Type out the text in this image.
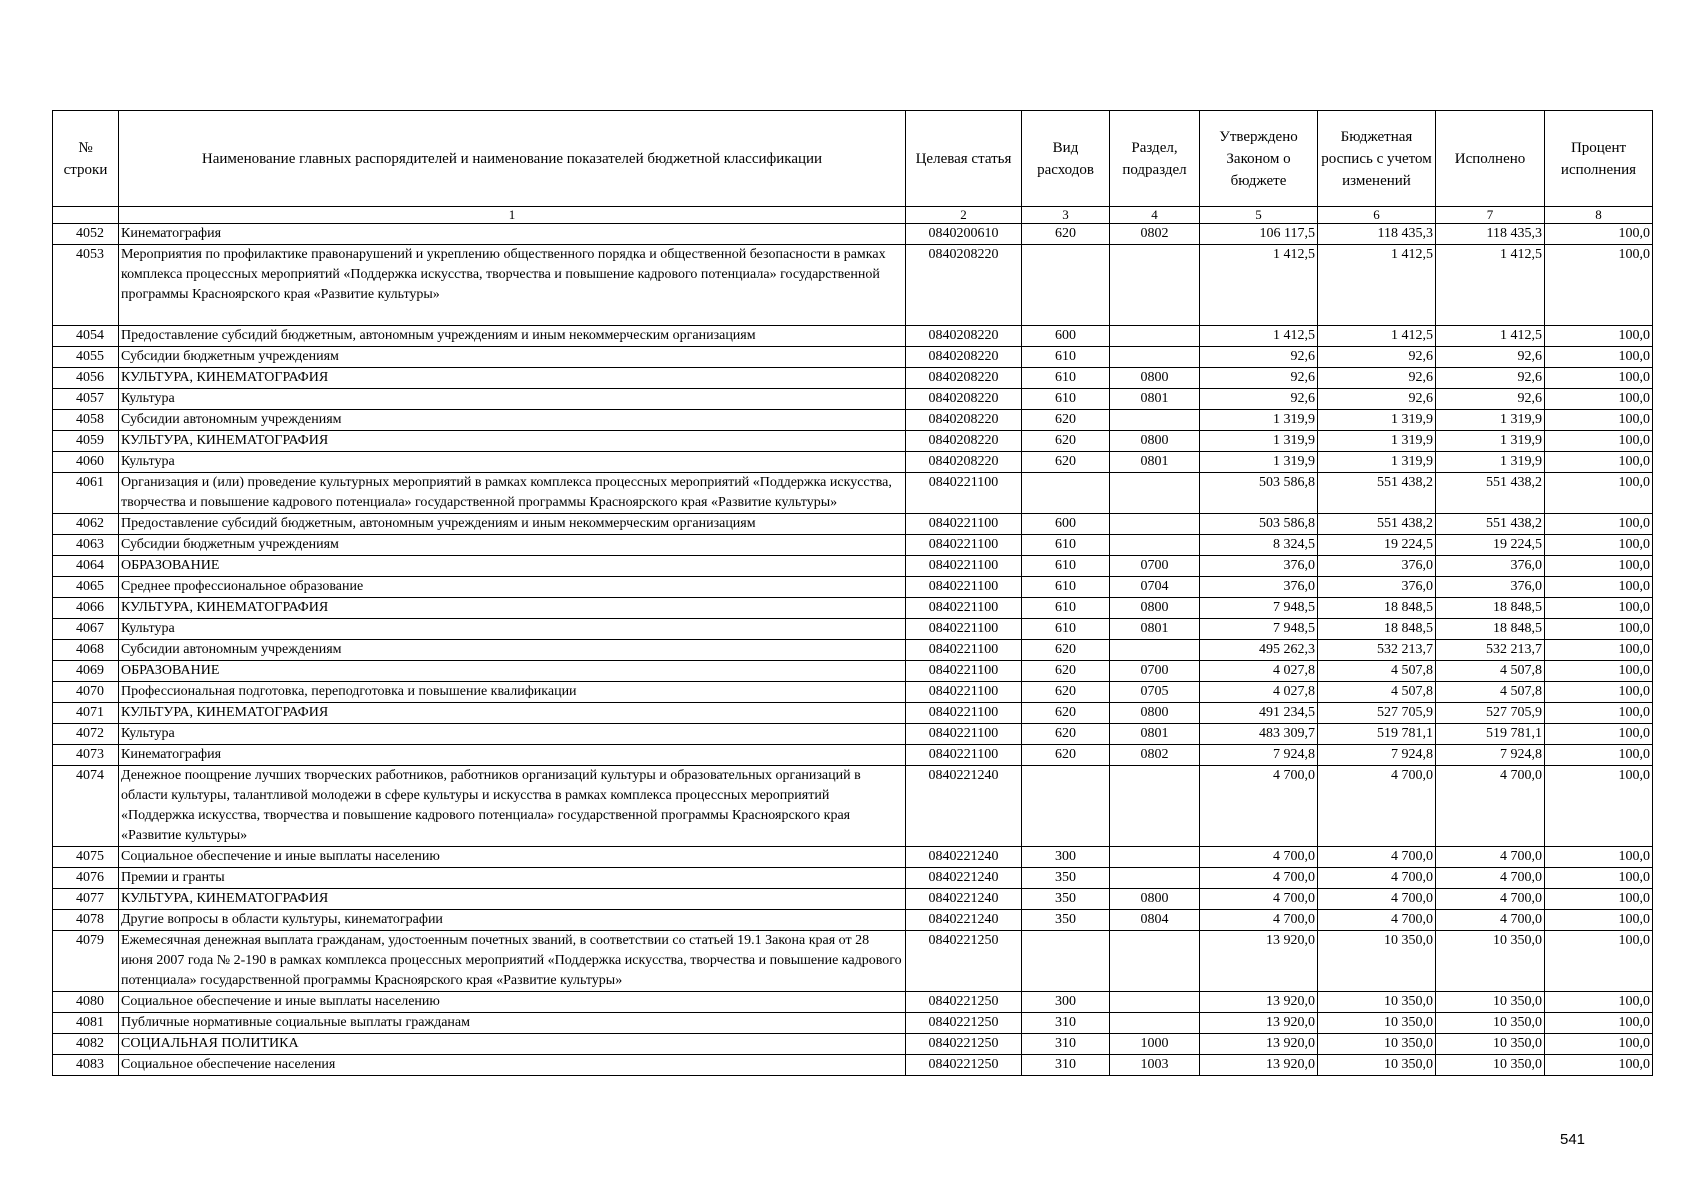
№ строки	Наименование главных распорядителей и наименование показателей бюджетной классификации	Целевая статья	Вид расходов	Раздел, подраздел	Утверждено Законом о бюджете	Бюджетная роспись с учетом изменений	Исполнено	Процент исполнения
	1	2	3	4	5	6	7	8
4052	Кинематография	0840200610	620	0802	106 117,5	118 435,3	118 435,3	100,0
4053	Мероприятия по профилактике правонарушений и укреплению общественного порядка и общественной безопасности в рамках комплекса процессных мероприятий «Поддержка искусства, творчества и повышение кадрового потенциала» государственной программы Красноярского края «Развитие культуры»	0840208220			1 412,5	1 412,5	1 412,5	100,0
4054	Предоставление субсидий бюджетным, автономным учреждениям и иным некоммерческим организациям	0840208220	600		1 412,5	1 412,5	1 412,5	100,0
4055	Субсидии бюджетным учреждениям	0840208220	610		92,6	92,6	92,6	100,0
4056	КУЛЬТУРА, КИНЕМАТОГРАФИЯ	0840208220	610	0800	92,6	92,6	92,6	100,0
4057	Культура	0840208220	610	0801	92,6	92,6	92,6	100,0
4058	Субсидии автономным учреждениям	0840208220	620		1 319,9	1 319,9	1 319,9	100,0
4059	КУЛЬТУРА, КИНЕМАТОГРАФИЯ	0840208220	620	0800	1 319,9	1 319,9	1 319,9	100,0
4060	Культура	0840208220	620	0801	1 319,9	1 319,9	1 319,9	100,0
4061	Организация и (или) проведение культурных мероприятий в рамках комплекса процессных мероприятий «Поддержка искусства, творчества и повышение кадрового потенциала» государственной программы Красноярского края «Развитие культуры»	0840221100			503 586,8	551 438,2	551 438,2	100,0
4062	Предоставление субсидий бюджетным, автономным учреждениям и иным некоммерческим организациям	0840221100	600		503 586,8	551 438,2	551 438,2	100,0
4063	Субсидии бюджетным учреждениям	0840221100	610		8 324,5	19 224,5	19 224,5	100,0
4064	ОБРАЗОВАНИЕ	0840221100	610	0700	376,0	376,0	376,0	100,0
4065	Среднее профессиональное образование	0840221100	610	0704	376,0	376,0	376,0	100,0
4066	КУЛЬТУРА, КИНЕМАТОГРАФИЯ	0840221100	610	0800	7 948,5	18 848,5	18 848,5	100,0
4067	Культура	0840221100	610	0801	7 948,5	18 848,5	18 848,5	100,0
4068	Субсидии автономным учреждениям	0840221100	620		495 262,3	532 213,7	532 213,7	100,0
4069	ОБРАЗОВАНИЕ	0840221100	620	0700	4 027,8	4 507,8	4 507,8	100,0
4070	Профессиональная подготовка, переподготовка и повышение квалификации	0840221100	620	0705	4 027,8	4 507,8	4 507,8	100,0
4071	КУЛЬТУРА, КИНЕМАТОГРАФИЯ	0840221100	620	0800	491 234,5	527 705,9	527 705,9	100,0
4072	Культура	0840221100	620	0801	483 309,7	519 781,1	519 781,1	100,0
4073	Кинематография	0840221100	620	0802	7 924,8	7 924,8	7 924,8	100,0
4074	Денежное поощрение лучших творческих работников, работников организаций культуры и образовательных организаций в области культуры, талантливой молодежи в сфере культуры и искусства в рамках комплекса процессных мероприятий «Поддержка искусства, творчества и повышение кадрового потенциала» государственной программы Красноярского края «Развитие культуры»	0840221240			4 700,0	4 700,0	4 700,0	100,0
4075	Социальное обеспечение и иные выплаты населению	0840221240	300		4 700,0	4 700,0	4 700,0	100,0
4076	Премии и гранты	0840221240	350		4 700,0	4 700,0	4 700,0	100,0
4077	КУЛЬТУРА, КИНЕМАТОГРАФИЯ	0840221240	350	0800	4 700,0	4 700,0	4 700,0	100,0
4078	Другие вопросы в области культуры, кинематографии	0840221240	350	0804	4 700,0	4 700,0	4 700,0	100,0
4079	Ежемесячная денежная выплата гражданам, удостоенным почетных званий, в соответствии со статьей 19.1 Закона края от 28 июня 2007 года № 2-190 в рамках комплекса процессных мероприятий «Поддержка искусства, творчества и повышение кадрового потенциала» государственной программы Красноярского края «Развитие культуры»	0840221250			13 920,0	10 350,0	10 350,0	100,0
4080	Социальное обеспечение и иные выплаты населению	0840221250	300		13 920,0	10 350,0	10 350,0	100,0
4081	Публичные нормативные социальные выплаты гражданам	0840221250	310		13 920,0	10 350,0	10 350,0	100,0
4082	СОЦИАЛЬНАЯ ПОЛИТИКА	0840221250	310	1000	13 920,0	10 350,0	10 350,0	100,0
4083	Социальное обеспечение населения	0840221250	310	1003	13 920,0	10 350,0	10 350,0	100,0
541
